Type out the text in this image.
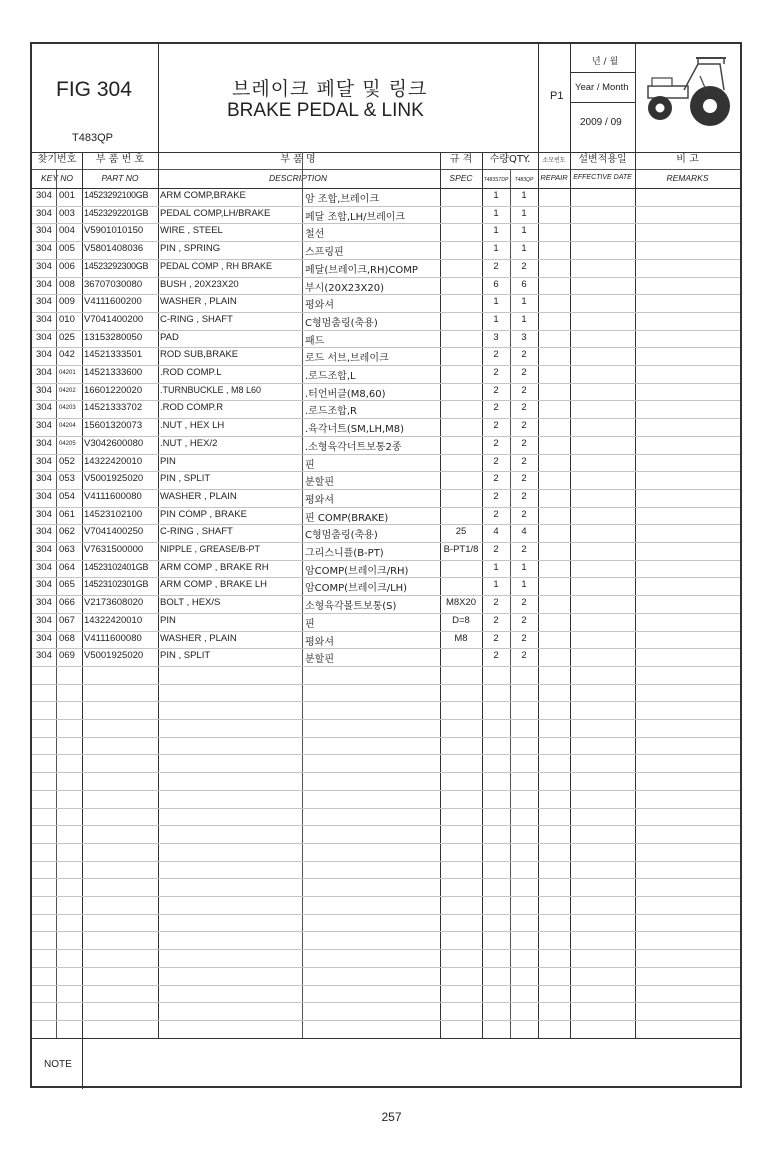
FIG 304
T483QP
브레이크 페달 및 링크
BRAKE PEDAL & LINK
P1
년 / 월
Year / Month
2009 / 09
찾기번호
KEY NO
부 품 번 호
PART NO
부 품 명
DESCRIPTION
규 격
SPEC
수량QTY.
T483STDP	T483QP
소모빈도
REPAIR
설변적용일
EFFECTIVE DATE
비 고
REMARKS
304 001 14523292100GB ARM COMP,BRAKE	암 조합,브레이크	1	1
304 003 14523292201GB PEDAL COMP,LH/BRAKE	페달 조합,LH/브레이크	1	1
304 004 V5901010150 WIRE , STEEL	철선	1	1
304 005 V5801408036 PIN , SPRING	스프링핀	1	1
304 006 14523292300GB PEDAL COMP , RH BRAKE	페달(브레이크,RH)COMP	2	2
304 008 36707030080 BUSH , 20X23X20	부시(20X23X20)	6	6
304 009 V4111600200 WASHER , PLAIN	평와셔	1	1
304 010 V7041400200 C-RING , SHAFT	C형멈춤링(축용)	1	1
304 025 13153280050 PAD	패드	3	3
304 042 14521333501 ROD SUB,BRAKE	로드 서브,브레이크	2	2
304 04201 14521333600 .ROD COMP.L	.로드조합,L	2	2
304 04202 16601220020 .TURNBUCKLE , M8 L60	.터언버클(M8,60)	2	2
304 04203 14521333702 .ROD COMP.R	.로드조합,R	2	2
304 04204 15601320073 .NUT , HEX LH	.육각너트(SM,LH,M8)	2	2
304 04205 V3042600080 .NUT , HEX/2	.소형육각너트보통2종	2	2
304 052 14322420010 PIN	핀	2	2
304 053 V5001925020 PIN , SPLIT	분할핀	2	2
304 054 V4111600080 WASHER , PLAIN	평와셔	2	2
304 061 14523102100 PIN COMP , BRAKE	핀 COMP(BRAKE)	2	2
304 062 V7041400250 C-RING , SHAFT	C형멈춤링(축용)	25	4	4
304 063 V7631500000 NIPPLE , GREASE/B-PT	그리스니플(B-PT)	B-PT1/8	2	2
304 064 14523102401GB ARM COMP , BRAKE RH	암COMP(브레이크/RH)	1	1
304 065 14523102301GB ARM COMP , BRAKE LH	암COMP(브레이크/LH)	1	1
304 066 V2173608020 BOLT , HEX/S	소형육각볼트보통(S)	M8X20	2	2
304 067 14322420010 PIN	핀	D=8	2	2
304 068 V4111600080 WASHER , PLAIN	평와셔	M8	2	2
304 069 V5001925020 PIN , SPLIT	분할핀	2	2
NOTE
257
